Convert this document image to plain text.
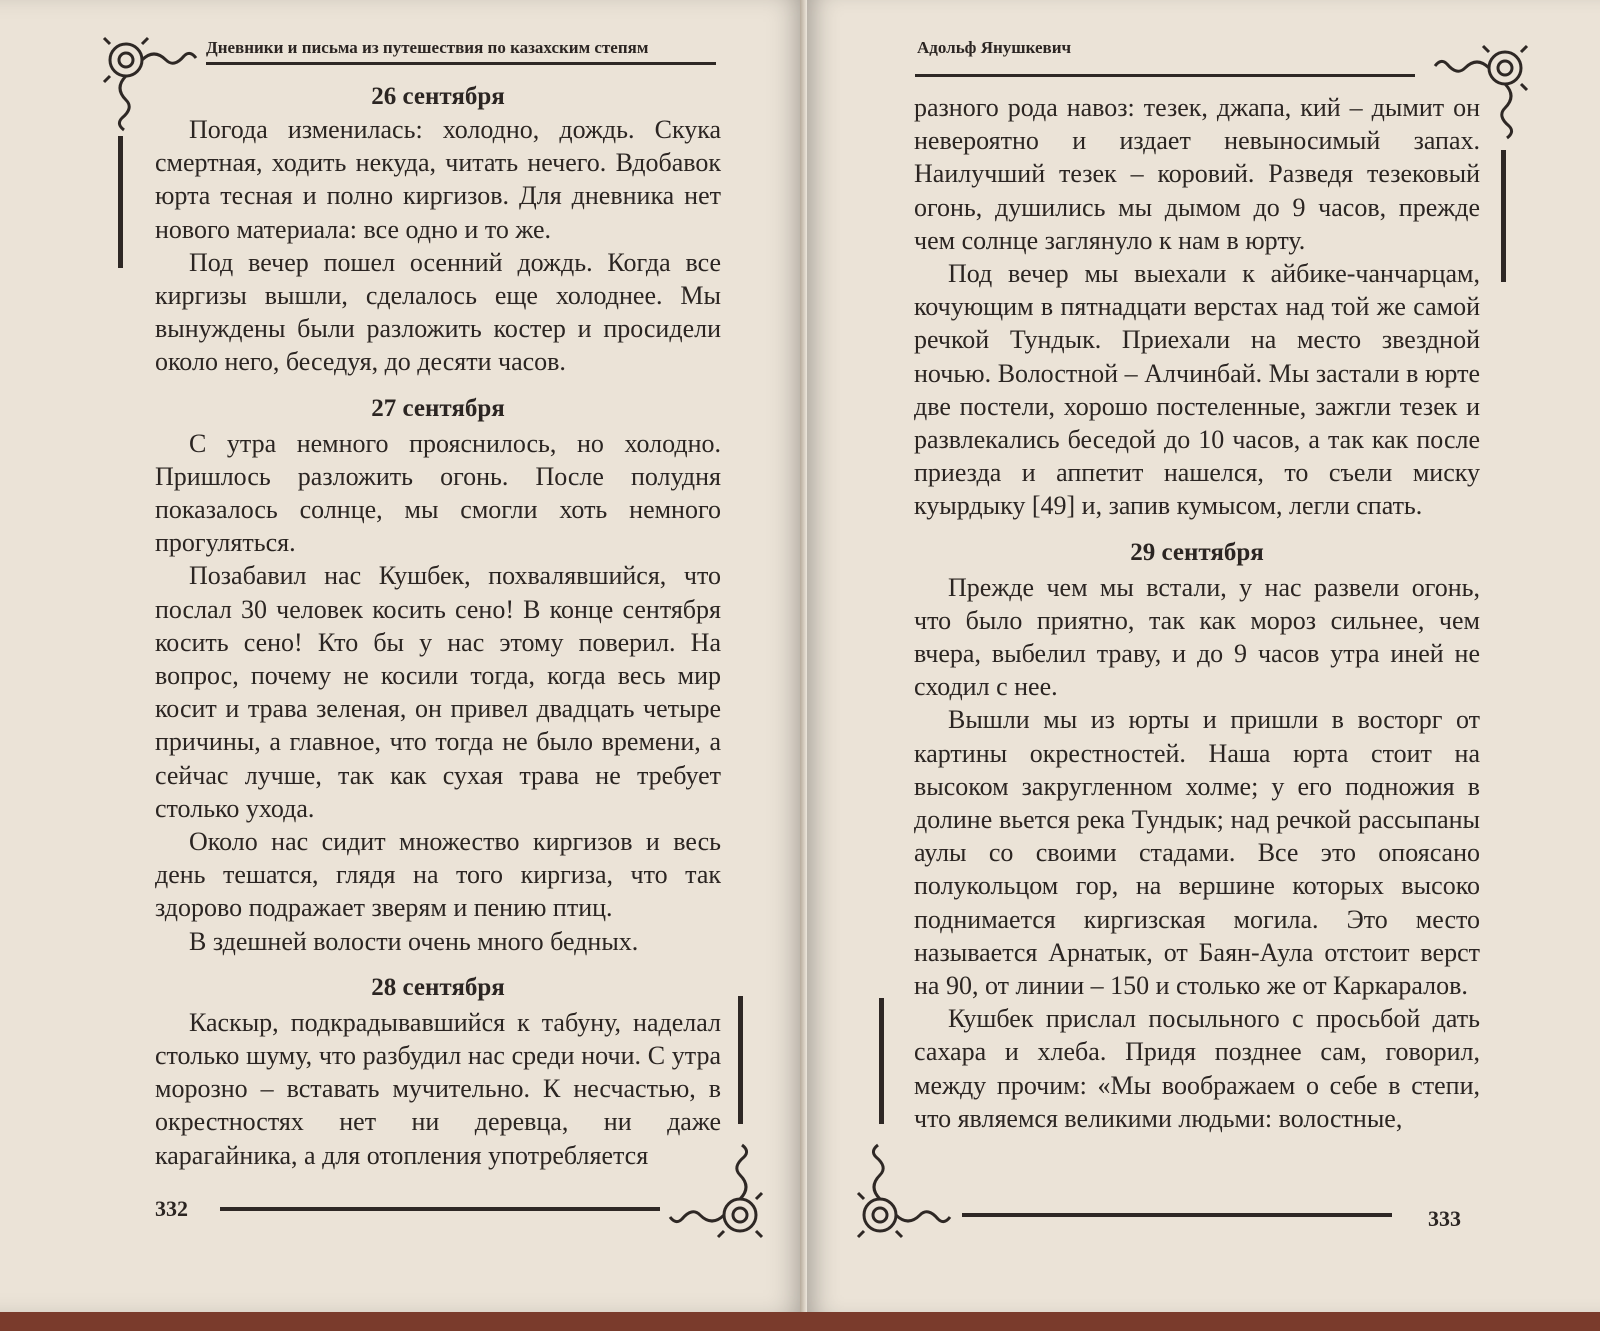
Дневники и письма из путешествия по казахским степям
26 сентября

Погода изменилась: холодно, дождь. Скука смертная, ходить некуда, читать нечего. Вдобавок юрта тесная и полно киргизов. Для дневника нет нового материала: все одно и то же.

Под вечер пошел осенний дождь. Когда все киргизы вышли, сделалось еще холоднее. Мы вынуждены были разложить костер и просидели около него, беседуя, до десяти часов.

27 сентября

С утра немного прояснилось, но холодно. Пришлось разложить огонь. После полудня показалось солнце, мы смогли хоть немного прогуляться.

Позабавил нас Кушбек, похвалявшийся, что послал 30 человек косить сено! В конце сентября косить сено! Кто бы у нас этому поверил. На вопрос, почему не косили тогда, когда весь мир косит и трава зеленая, он привел двадцать четыре причины, а главное, что тогда не было времени, а сейчас лучше, так как сухая трава не требует столько ухода.

Около нас сидит множество киргизов и весь день тешатся, глядя на того киргиза, что так здорово подражает зверям и пению птиц.

В здешней волости очень много бедных.

28 сентября

Каскыр, подкрадывавшийся к табуну, наделал столько шуму, что разбудил нас среди ночи. С утра морозно – вставать мучительно. К несчастью, в окрестностях нет ни деревца, ни даже карагайника, а для отопления употребляется

332
Адольф Янушкевич

разного рода навоз: тезек, джапа, кий – дымит он невероятно и издает невыносимый запах. Наилучший тезек – коровий. Разведя тезековый огонь, душились мы дымом до 9 часов, прежде чем солнце заглянуло к нам в юрту.

Под вечер мы выехали к айбике-чанчарцам, кочующим в пятнадцати верстах над той же самой речкой Тундык. Приехали на место звездной ночью. Волостной – Алчинбай. Мы застали в юрте две постели, хорошо постеленные, зажгли тезек и развлекались беседой до 10 часов, а так как после приезда и аппетит нашелся, то съели миску куырдыку [49] и, запив кумысом, легли спать.

29 сентября

Прежде чем мы встали, у нас развели огонь, что было приятно, так как мороз сильнее, чем вчера, выбелил траву, и до 9 часов утра иней не сходил с нее.

Вышли мы из юрты и пришли в восторг от картины окрестностей. Наша юрта стоит на высоком закругленном холме; у его подножия в долине вьется река Тундык; над речкой рассыпаны аулы со своими стадами. Все это опоясано полукольцом гор, на вершине которых высоко поднимается киргизская могила. Это место называется Арнатык, от Баян-Аула отстоит верст на 90, от линии – 150 и столько же от Каркаралов.

Кушбек прислал посыльного с просьбой дать сахара и хлеба. Придя позднее сам, говорил, между прочим: «Мы воображаем о себе в степи, что являемся великими людьми: волостные,

333
